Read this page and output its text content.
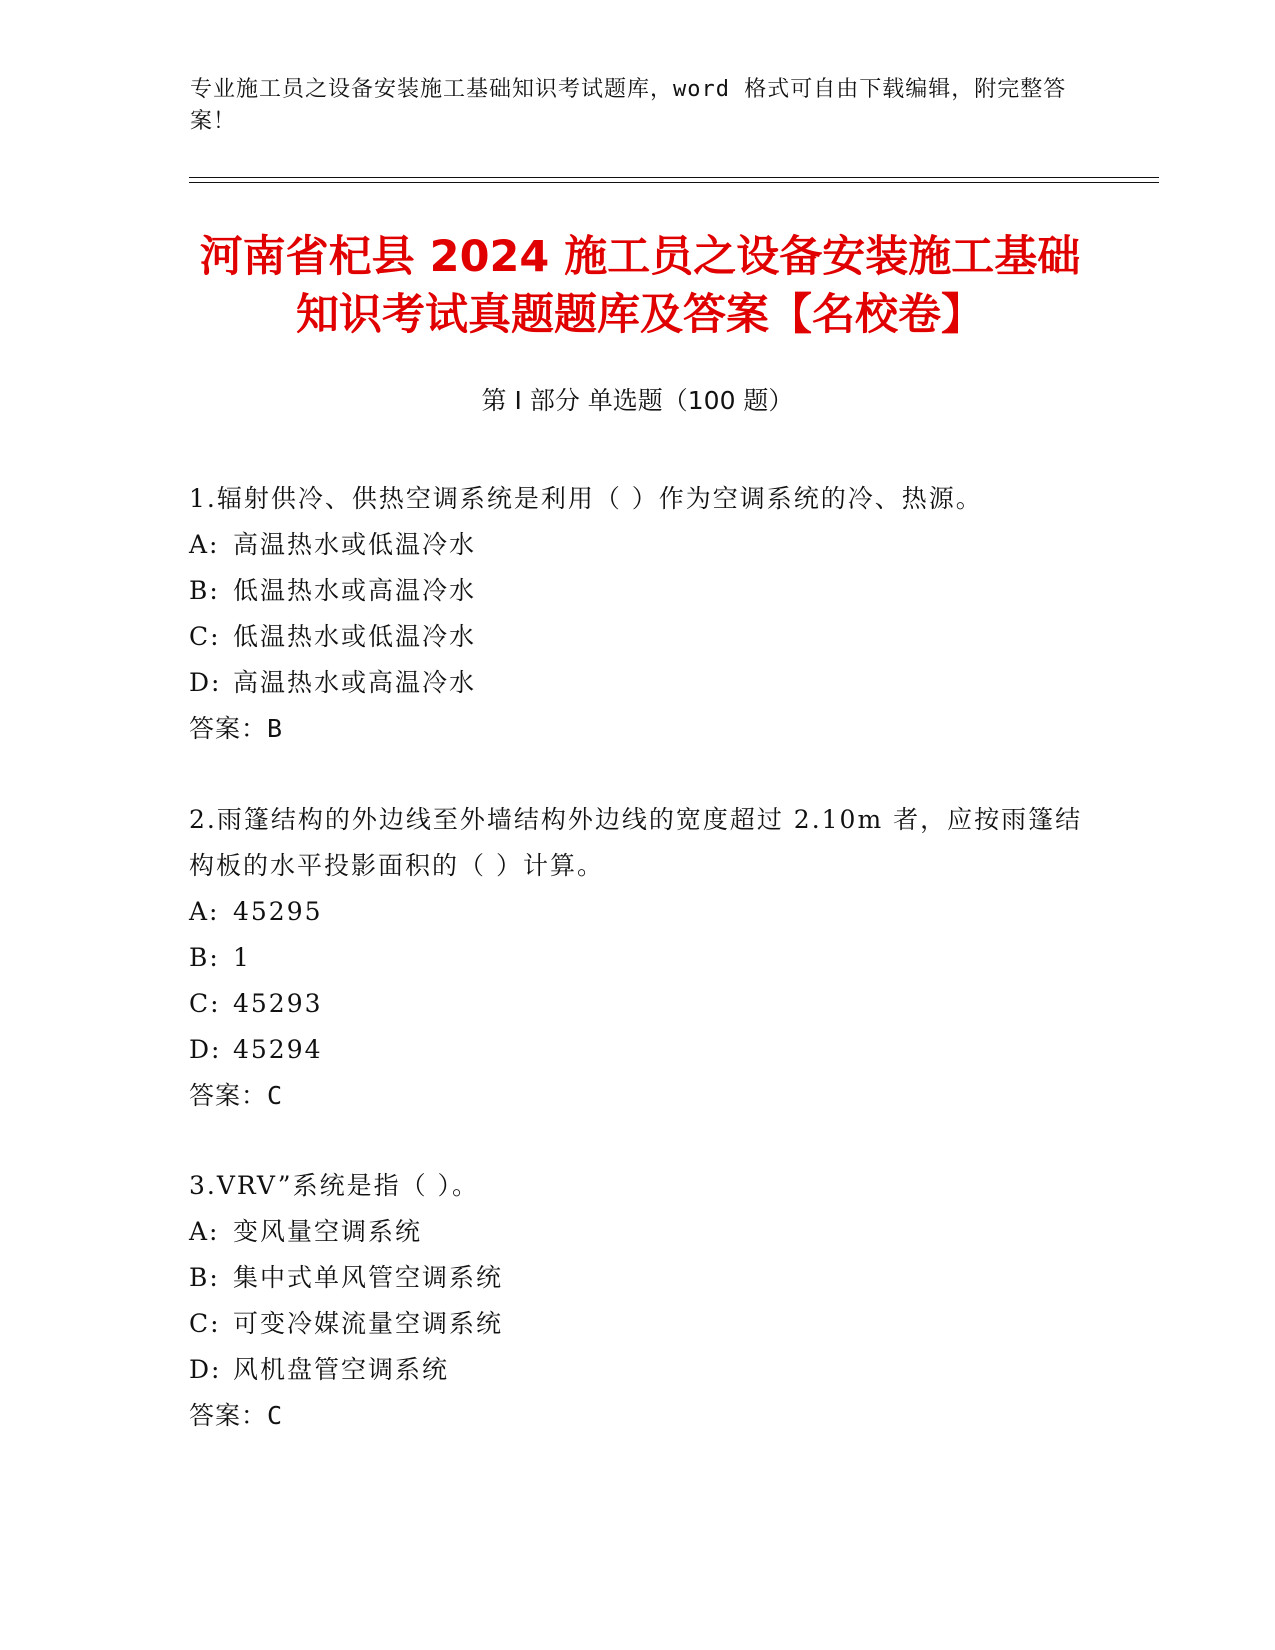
专业施工员之设备安装施工基础知识考试题库，word 格式可自由下载编辑，附完整答案！
河南省杞县 2024 施工员之设备安装施工基础知识考试真题题库及答案【名校卷】
第 I 部分 单选题（100 题）

1.辐射供冷、供热空调系统是利用（ ）作为空调系统的冷、热源。

A: 高温热水或低温冷水
B: 低温热水或高温冷水
C: 低温热水或低温冷水
D: 高温热水或高温冷水
答案：B

2.雨篷结构的外边线至外墙结构外边线的宽度超过 2.10m 者，应按雨篷结构板的水平投影面积的（ ）计算。

A: 45295
B: 1
C: 45293
D: 45294
答案：C

3.VRV”系统是指（ ）。

A: 变风量空调系统
B: 集中式单风管空调系统
C: 可变冷媒流量空调系统
D: 风机盘管空调系统
答案：C
